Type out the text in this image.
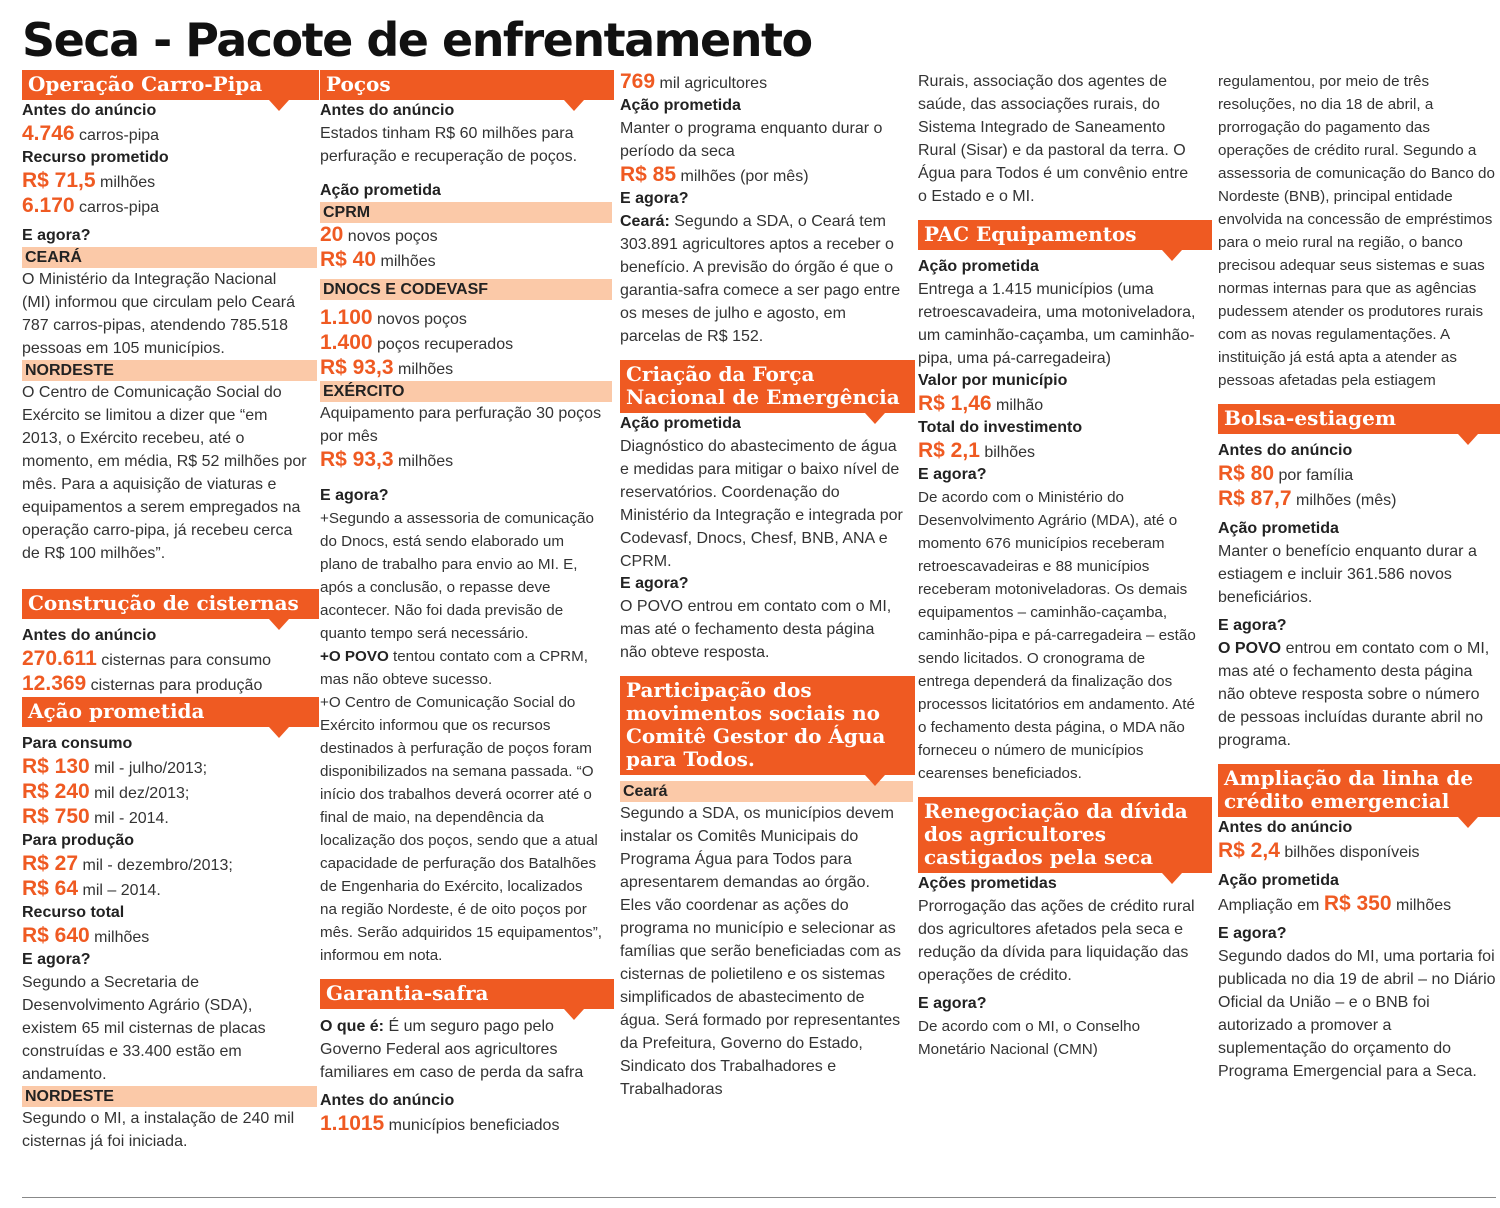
Seca - Pacote de enfrentamento
Operação Carro-Pipa
Antes do anúncio
4.746 carros-pipa
Recurso prometido
R$ 71,5 milhões
6.170 carros-pipa
E agora?
CEARÁ
O Ministério da Integração Nacional (MI) informou que circulam pelo Ceará 787 carros-pipas, atendendo 785.518 pessoas em 105 municípios.
NORDESTE
O Centro de Comunicação Social do Exército se limitou a dizer que “em 2013, o Exército recebeu, até o momento, em média, R$ 52 milhões por mês. Para a aquisição de viaturas e equipamentos a serem empregados na operação carro-pipa, já recebeu cerca de R$ 100 milhões”.
Construção de cisternas
Antes do anúncio
270.611 cisternas para consumo
12.369 cisternas para produção
Ação prometida
Para consumo
R$ 130 mil - julho/2013;
R$ 240 mil dez/2013;
R$ 750 mil - 2014.
Para produção
R$ 27 mil - dezembro/2013;
R$ 64 mil – 2014.
Recurso total
R$ 640 milhões
E agora?
Segundo a Secretaria de Desenvolvimento Agrário (SDA), existem 65 mil cisternas de placas construídas e 33.400 estão em andamento.
NORDESTE
Segundo o MI, a instalação de 240 mil cisternas já foi iniciada.
Poços
Antes do anúncio
Estados tinham R$ 60 milhões para perfuração e recuperação de poços.
Ação prometida
CPRM
20 novos poços
R$ 40 milhões
DNOCS E CODEVASF
1.100 novos poços
1.400 poços recuperados
R$ 93,3 milhões
EXÉRCITO
Aquipamento para perfuração 30 poços por mês
R$ 93,3 milhões
E agora?
+Segundo a assessoria de comunicação do Dnocs, está sendo elaborado um plano de trabalho para envio ao MI. E, após a conclusão, o repasse deve acontecer. Não foi dada previsão de quanto tempo será necessário.
+O POVO tentou contato com a CPRM, mas não obteve sucesso.
+O Centro de Comunicação Social do Exército informou que os recursos destinados à perfuração de poços foram disponibilizados na semana passada. “O início dos trabalhos deverá ocorrer até o final de maio, na dependência da localização dos poços, sendo que a atual capacidade de perfuração dos Batalhões de Engenharia do Exército, localizados na região Nordeste, é de oito poços por mês. Serão adquiridos 15 equipamentos”, informou em nota.
Garantia-safra
O que é: É um seguro pago pelo Governo Federal aos agricultores familiares em caso de perda da safra
Antes do anúncio
1.1015 municípios beneficiados
769 mil agricultores
Ação prometida
Manter o programa enquanto durar o período da seca
R$ 85 milhões (por mês)
E agora?
Ceará: Segundo a SDA, o Ceará tem 303.891 agricultores aptos a receber o benefício. A previsão do órgão é que o garantia-safra comece a ser pago entre os meses de julho e agosto, em parcelas de R$ 152.
Criação da Força Nacional de Emergência
Ação prometida
Diagnóstico do abastecimento de água e medidas para mitigar o baixo nível de reservatórios. Coordenação do Ministério da Integração e integrada por Codevasf, Dnocs, Chesf, BNB, ANA e CPRM.
E agora?
O POVO entrou em contato com o MI, mas até o fechamento desta página não obteve resposta.
Participação dos movimentos sociais no Comitê Gestor do Água para Todos.
Ceará
Segundo a SDA, os municípios devem instalar os Comitês Municipais do Programa Água para Todos para apresentarem demandas ao órgão. Eles vão coordenar as ações do programa no município e selecionar as famílias que serão beneficiadas com as cisternas de polietileno e os sistemas simplificados de abastecimento de água. Será formado por representantes da Prefeitura, Governo do Estado, Sindicato dos Trabalhadores e Trabalhadoras
Rurais, associação dos agentes de saúde, das associações rurais, do Sistema Integrado de Saneamento Rural (Sisar) e da pastoral da terra. O Água para Todos é um convênio entre o Estado e o MI.
PAC Equipamentos
Ação prometida
Entrega a 1.415 municípios (uma retroescavadeira, uma motoniveladora, um caminhão-caçamba, um caminhão-pipa, uma pá-carregadeira)
Valor por município
R$ 1,46 milhão
Total do investimento
R$ 2,1 bilhões
E agora?
De acordo com o Ministério do Desenvolvimento Agrário (MDA), até o momento 676 municípios receberam retroescavadeiras e 88 municípios receberam motoniveladoras. Os demais equipamentos – caminhão-caçamba, caminhão-pipa e pá-carregadeira – estão sendo licitados. O cronograma de entrega dependerá da finalização dos processos licitatórios em andamento. Até o fechamento desta página, o MDA não forneceu o número de municípios cearenses beneficiados.
Renegociação da dívida dos agricultores castigados pela seca
Ações prometidas
Prorrogação das ações de crédito rural dos agricultores afetados pela seca e redução da dívida para liquidação das operações de crédito.
E agora?
De acordo com o MI, o Conselho Monetário Nacional (CMN)
regulamentou, por meio de três resoluções, no dia 18 de abril, a prorrogação do pagamento das operações de crédito rural. Segundo a assessoria de comunicação do Banco do Nordeste (BNB), principal entidade envolvida na concessão de empréstimos para o meio rural na região, o banco precisou adequar seus sistemas e suas normas internas para que as agências pudessem atender os produtores rurais com as novas regulamentações. A instituição já está apta a atender as pessoas afetadas pela estiagem
Bolsa-estiagem
Antes do anúncio
R$ 80 por família
R$ 87,7 milhões (mês)
Ação prometida
Manter o benefício enquanto durar a estiagem e incluir 361.586 novos beneficiários.
E agora?
O POVO entrou em contato com o MI, mas até o fechamento desta página não obteve resposta sobre o número de pessoas incluídas durante abril no programa.
Ampliação da linha de crédito emergencial
Antes do anúncio
R$ 2,4 bilhões disponíveis
Ação prometida
Ampliação em R$ 350 milhões
E agora?
Segundo dados do MI, uma portaria foi publicada no dia 19 de abril – no Diário Oficial da União – e o BNB foi autorizado a promover a suplementação do orçamento do Programa Emergencial para a Seca.
